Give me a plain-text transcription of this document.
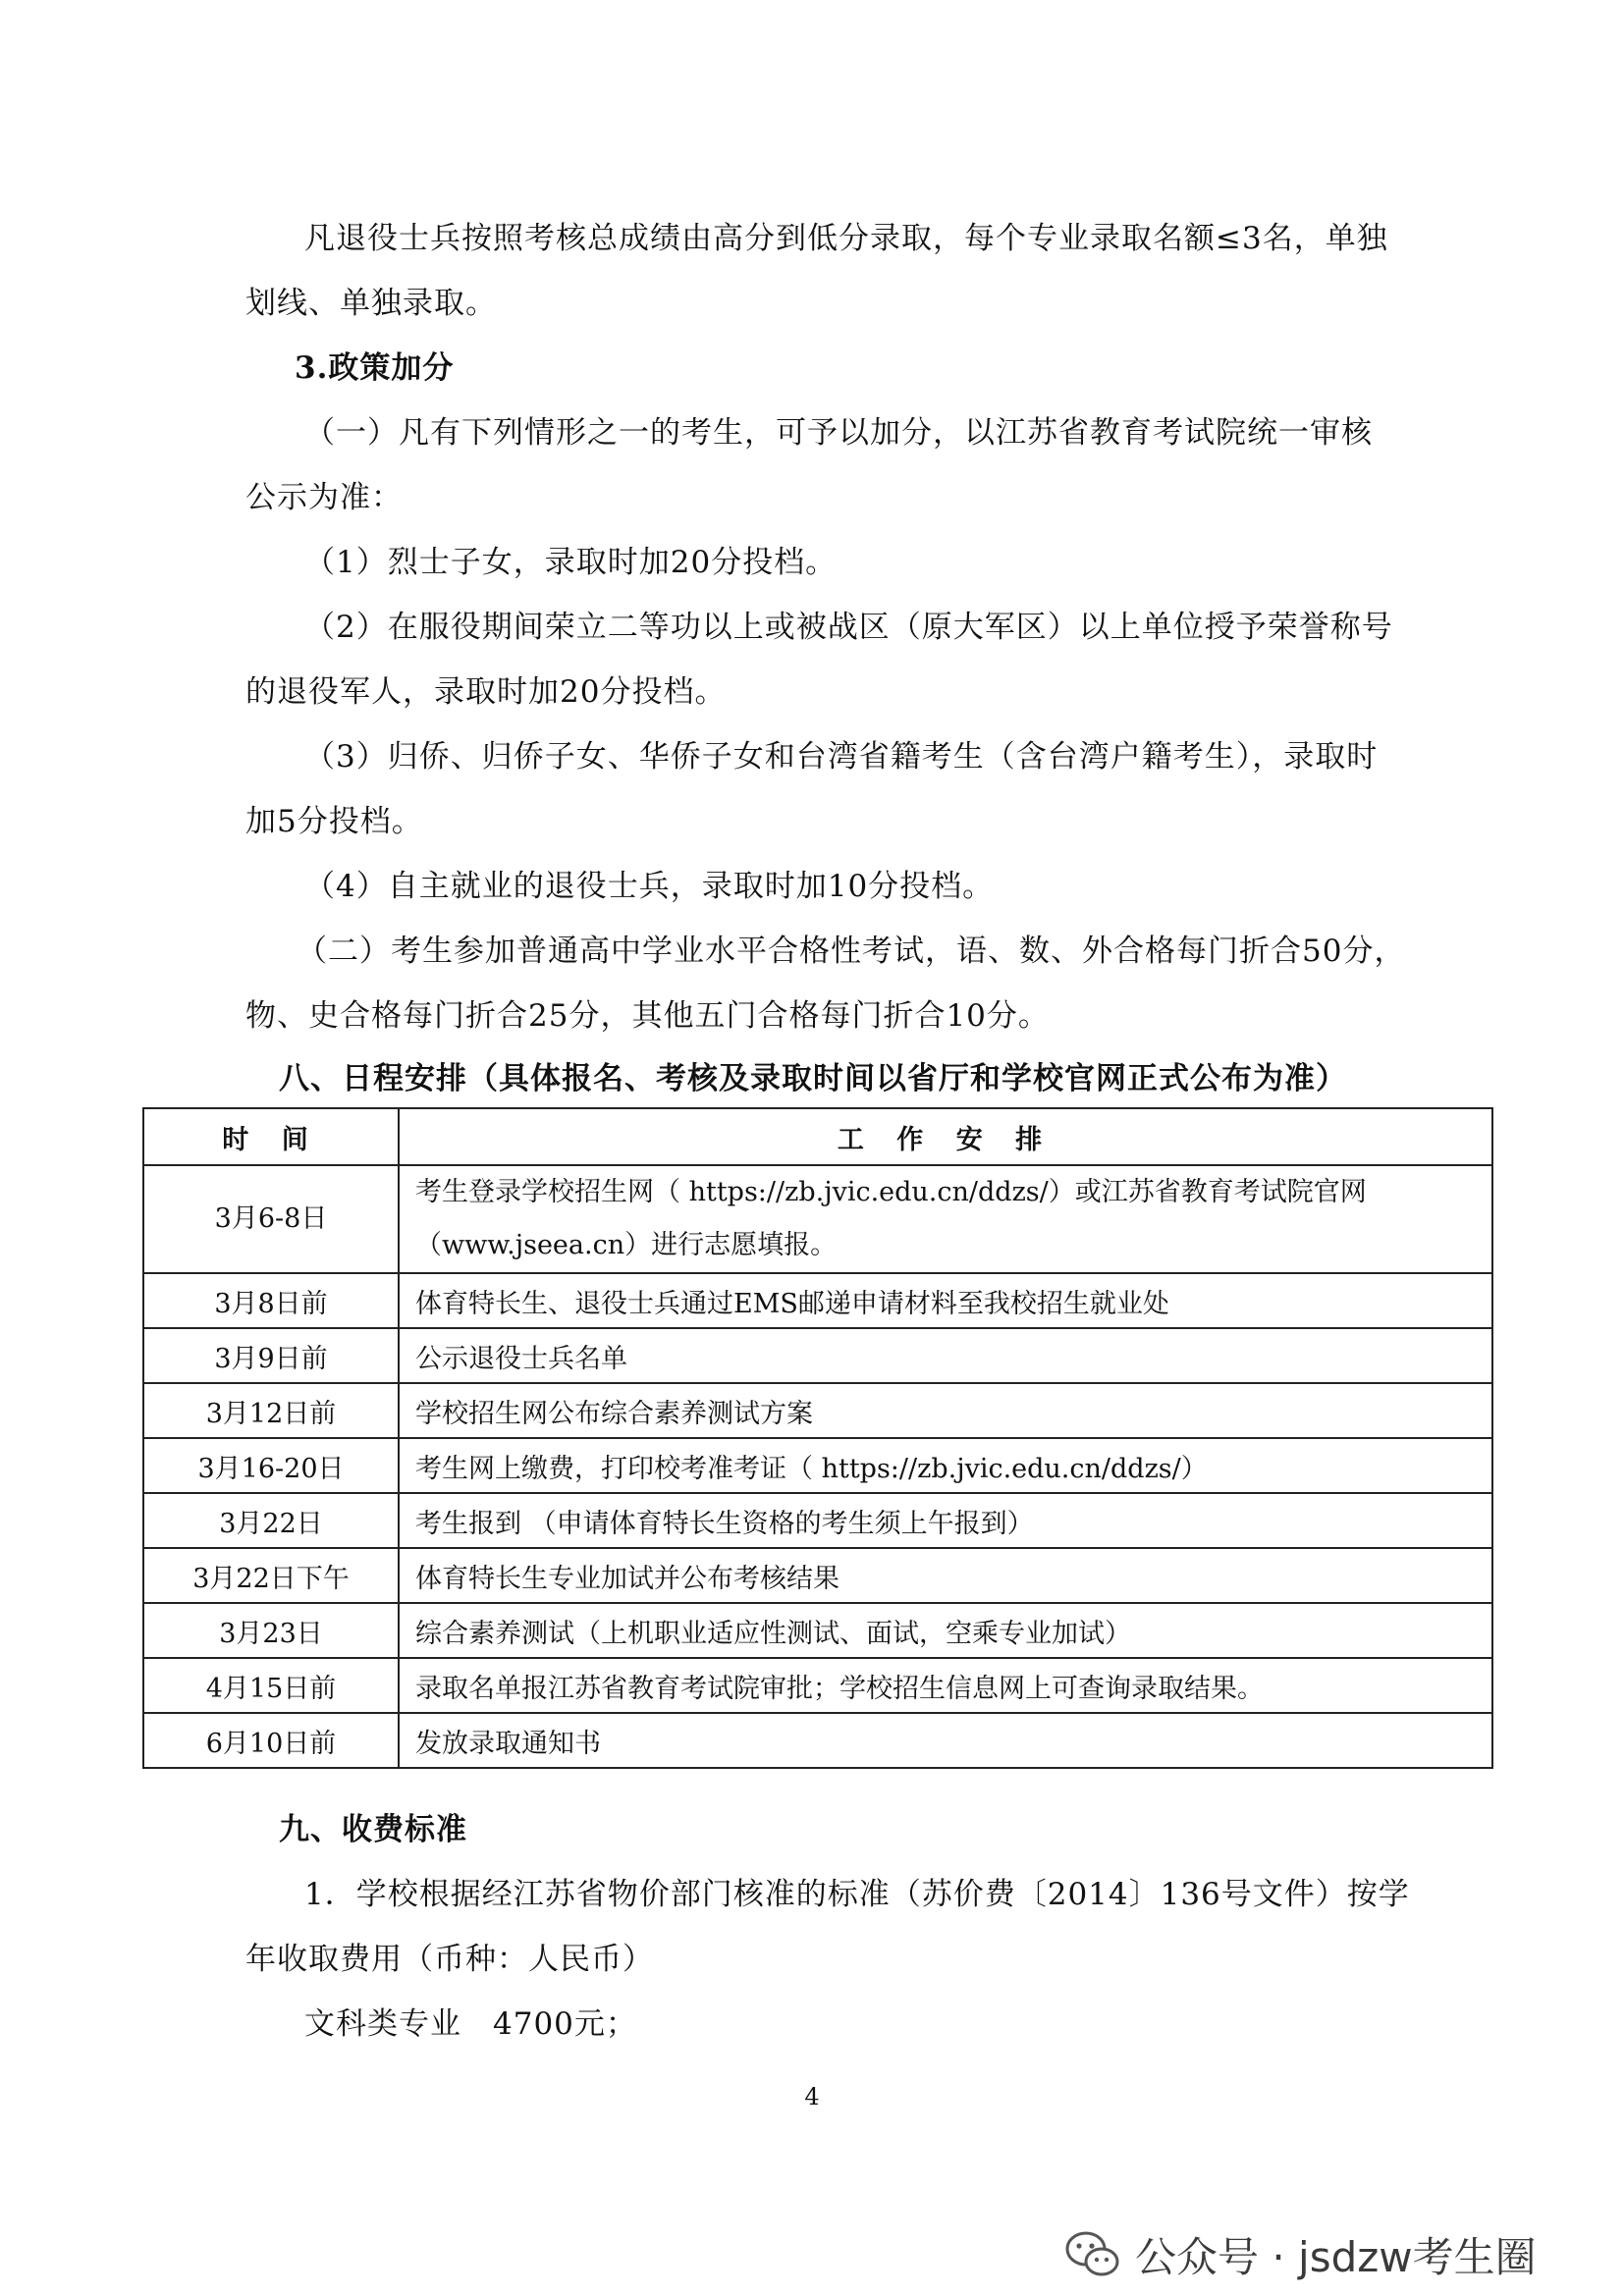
凡退役士兵按照考核总成绩由高分到低分录取，每个专业录取名额≤3名，单独
划线、单独录取。
3.政策加分
（一）凡有下列情形之一的考生，可予以加分，以江苏省教育考试院统一审核
公示为准：
（1）烈士子女，录取时加20分投档。
（2）在服役期间荣立二等功以上或被战区（原大军区）以上单位授予荣誉称号
的退役军人，录取时加20分投档。
（3）归侨、归侨子女、华侨子女和台湾省籍考生（含台湾户籍考生），录取时
加5分投档。
（4）自主就业的退役士兵，录取时加10分投档。
（二）考生参加普通高中学业水平合格性考试，语、数、外合格每门折合50分，
物、史合格每门折合25分，其他五门合格每门折合10分。
八、日程安排（具体报名、考核及录取时间以省厅和学校官网正式公布为准）
时 间	工 作 安 排
3月6-8日	考生登录学校招生网（ https://zb.jvic.edu.cn/ddzs/）或江苏省教育考试院官网
（www.jseea.cn）进行志愿填报。

3月8日前	体育特长生、退役士兵通过EMS邮递申请材料至我校招生就业处
3月9日前	公示退役士兵名单
3月12日前	学校招生网公布综合素养测试方案
3月16-20日	考生网上缴费，打印校考准考证（ https://zb.jvic.edu.cn/ddzs/）
3月22日	考生报到 （申请体育特长生资格的考生须上午报到）
3月22日下午	体育特长生专业加试并公布考核结果
3月23日	综合素养测试（上机职业适应性测试、面试，空乘专业加试）
4月15日前	录取名单报江苏省教育考试院审批；学校招生信息网上可查询录取结果。
6月10日前	发放录取通知书
九、收费标准
1．学校根据经江苏省物价部门核准的标准（苏价费〔2014〕136号文件）按学
年收取费用（币种：人民币）
文科类专业　4700元；
4
公众号 · jsdzw考生圈
